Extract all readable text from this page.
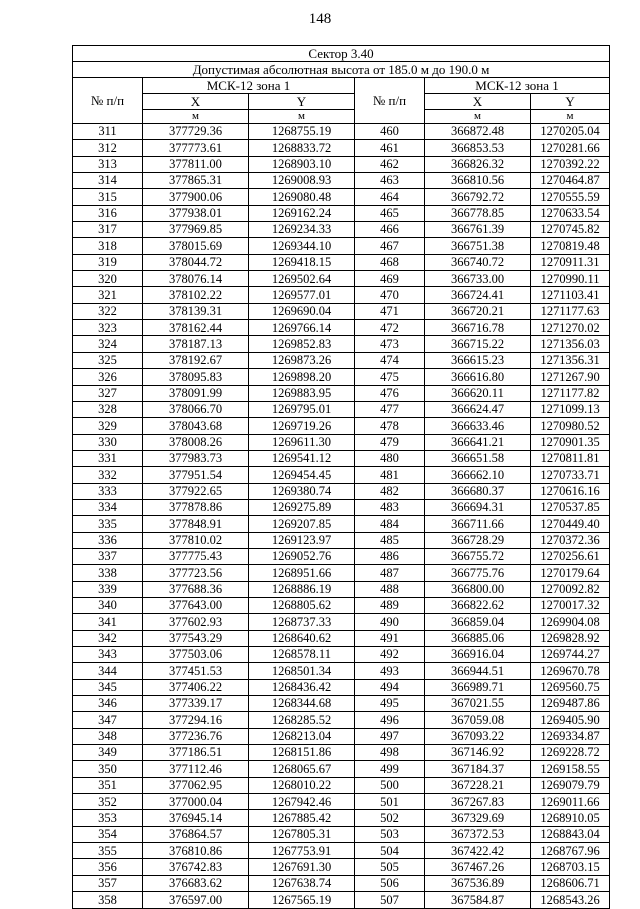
148
Сектор 3.40					
Допустимая абсолютная высота от 185.0 м до 190.0 м					
№ п/п	МСК-12 зона 1		№ п/п	МСК-12 зона 1	
	X	Y		X	Y
	м	м		м	м
311	377729.36	1268755.19	460	366872.48	1270205.04
312	377773.61	1268833.72	461	366853.53	1270281.66
313	377811.00	1268903.10	462	366826.32	1270392.22
314	377865.31	1269008.93	463	366810.56	1270464.87
315	377900.06	1269080.48	464	366792.72	1270555.59
316	377938.01	1269162.24	465	366778.85	1270633.54
317	377969.85	1269234.33	466	366761.39	1270745.82
318	378015.69	1269344.10	467	366751.38	1270819.48
319	378044.72	1269418.15	468	366740.72	1270911.31
320	378076.14	1269502.64	469	366733.00	1270990.11
321	378102.22	1269577.01	470	366724.41	1271103.41
322	378139.31	1269690.04	471	366720.21	1271177.63
323	378162.44	1269766.14	472	366716.78	1271270.02
324	378187.13	1269852.83	473	366715.22	1271356.03
325	378192.67	1269873.26	474	366615.23	1271356.31
326	378095.83	1269898.20	475	366616.80	1271267.90
327	378091.99	1269883.95	476	366620.11	1271177.82
328	378066.70	1269795.01	477	366624.47	1271099.13
329	378043.68	1269719.26	478	366633.46	1270980.52
330	378008.26	1269611.30	479	366641.21	1270901.35
331	377983.73	1269541.12	480	366651.58	1270811.81
332	377951.54	1269454.45	481	366662.10	1270733.71
333	377922.65	1269380.74	482	366680.37	1270616.16
334	377878.86	1269275.89	483	366694.31	1270537.85
335	377848.91	1269207.85	484	366711.66	1270449.40
336	377810.02	1269123.97	485	366728.29	1270372.36
337	377775.43	1269052.76	486	366755.72	1270256.61
338	377723.56	1268951.66	487	366775.76	1270179.64
339	377688.36	1268886.19	488	366800.00	1270092.82
340	377643.00	1268805.62	489	366822.62	1270017.32
341	377602.93	1268737.33	490	366859.04	1269904.08
342	377543.29	1268640.62	491	366885.06	1269828.92
343	377503.06	1268578.11	492	366916.04	1269744.27
344	377451.53	1268501.34	493	366944.51	1269670.78
345	377406.22	1268436.42	494	366989.71	1269560.75
346	377339.17	1268344.68	495	367021.55	1269487.86
347	377294.16	1268285.52	496	367059.08	1269405.90
348	377236.76	1268213.04	497	367093.22	1269334.87
349	377186.51	1268151.86	498	367146.92	1269228.72
350	377112.46	1268065.67	499	367184.37	1269158.55
351	377062.95	1268010.22	500	367228.21	1269079.79
352	377000.04	1267942.46	501	367267.83	1269011.66
353	376945.14	1267885.42	502	367329.69	1268910.05
354	376864.57	1267805.31	503	367372.53	1268843.04
355	376810.86	1267753.91	504	367422.42	1268767.96
356	376742.83	1267691.30	505	367467.26	1268703.15
357	376683.62	1267638.74	506	367536.89	1268606.71
358	376597.00	1267565.19	507	367584.87	1268543.26
